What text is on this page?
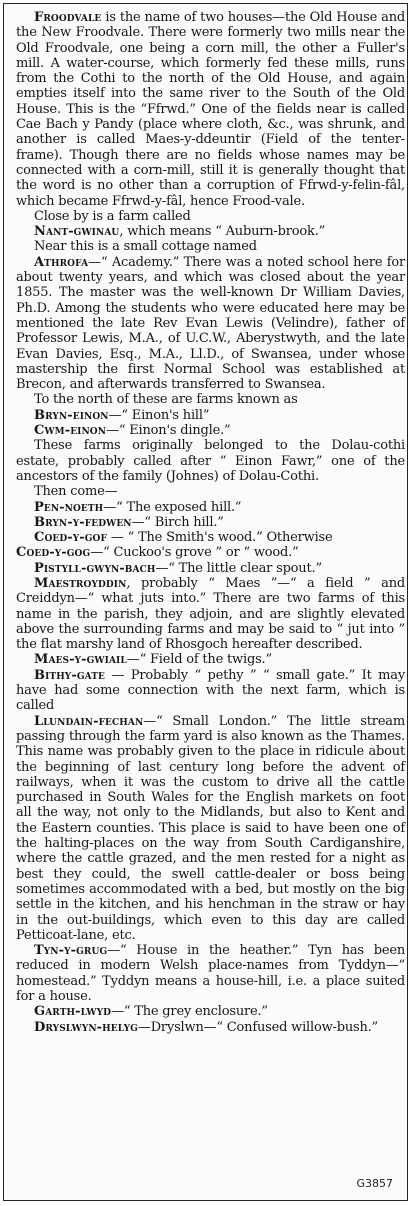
Froodvale is the name of two houses—the Old House and the New Froodvale. There were formerly two mills near the Old Froodvale, one being a corn mill, the other a Fuller's mill. A water-course, which formerly fed these mills, runs from the Cothi to the north of the Old House, and again empties itself into the same river to the South of the Old House. This is the “Ffrwd.” One of the fields near is called Cae Bach y Pandy (place where cloth, &c., was shrunk, and another is called Maes-y-ddeuntir (Field of the tenter-frame). Though there are no fields whose names may be connected with a corn-mill, still it is generally thought that the word is no other than a corruption of Ffrwd-y-felin-fâl, which became Ffrwd-y-fâl, hence Frood-vale.

Close by is a farm called

Nant-gwinau, which means “ Auburn-brook.”

Near this is a small cottage named

Athrofa—“ Academy.” There was a noted school here for about twenty years, and which was closed about the year 1855. The master was the well-known Dr William Davies, Ph.D. Among the students who were educated here may be mentioned the late Rev Evan Lewis (Velindre), father of Professor Lewis, M.A., of U.C.W., Aberystwyth, and the late Evan Davies, Esq., M.A., Ll.D., of Swansea, under whose mastership the first Normal School was established at Brecon, and afterwards transferred to Swansea.

To the north of these are farms known as

Bryn-einon—“ Einon's hill”

Cwm-einon—“ Einon's dingle.”

These farms originally belonged to the Dolau-cothi estate, probably called after “ Einon Fawr,” one of the ancestors of the family (Johnes) of Dolau-Cothi.

Then come—

Pen-noeth—“ The exposed hill.”

Bryn-y-fedwen—“ Birch hill.”

Coed-y-gof — “ The Smith's wood.” Otherwise

Coed-y-gog—“ Cuckoo's grove ” or “ wood.”

Pistyll-gwyn-bach—“ The little clear spout.”

Maestroyddin, probably “ Maes ”—“ a field ” and Creiddyn—“ what juts into.” There are two farms of this name in the parish, they adjoin, and are slightly elevated above the surrounding farms and may be said to “ jut into ” the flat marshy land of Rhosgoch hereafter described.

Maes-y-gwiail—“ Field of the twigs.”

Bithy-gate — Probably “ pethy ” “ small gate.” It may have had some connection with the next farm, which is called

Llundain-fechan—“ Small London.” The little stream passing through the farm yard is also known as the Thames. This name was probably given to the place in ridicule about the beginning of last century long before the advent of railways, when it was the custom to drive all the cattle purchased in South Wales for the English markets on foot all the way, not only to the Midlands, but also to Kent and the Eastern counties. This place is said to have been one of the halting-places on the way from South Cardiganshire, where the cattle grazed, and the men rested for a night as best they could, the swell cattle-dealer or boss being sometimes accommodated with a bed, but mostly on the big settle in the kitchen, and his henchman in the straw or hay in the out-buildings, which even to this day are called Petticoat-lane, etc.

Tyn-y-grug—“ House in the heather.” Tyn has been reduced in modern Welsh place-names from Tyddyn—“ homestead.” Tyddyn means a house-hill, i.e. a place suited for a house.

Garth-lwyd—“ The grey enclosure.”

Dryslwyn-helyg—Dryslwn—“ Confused willow-bush.”

G3857
